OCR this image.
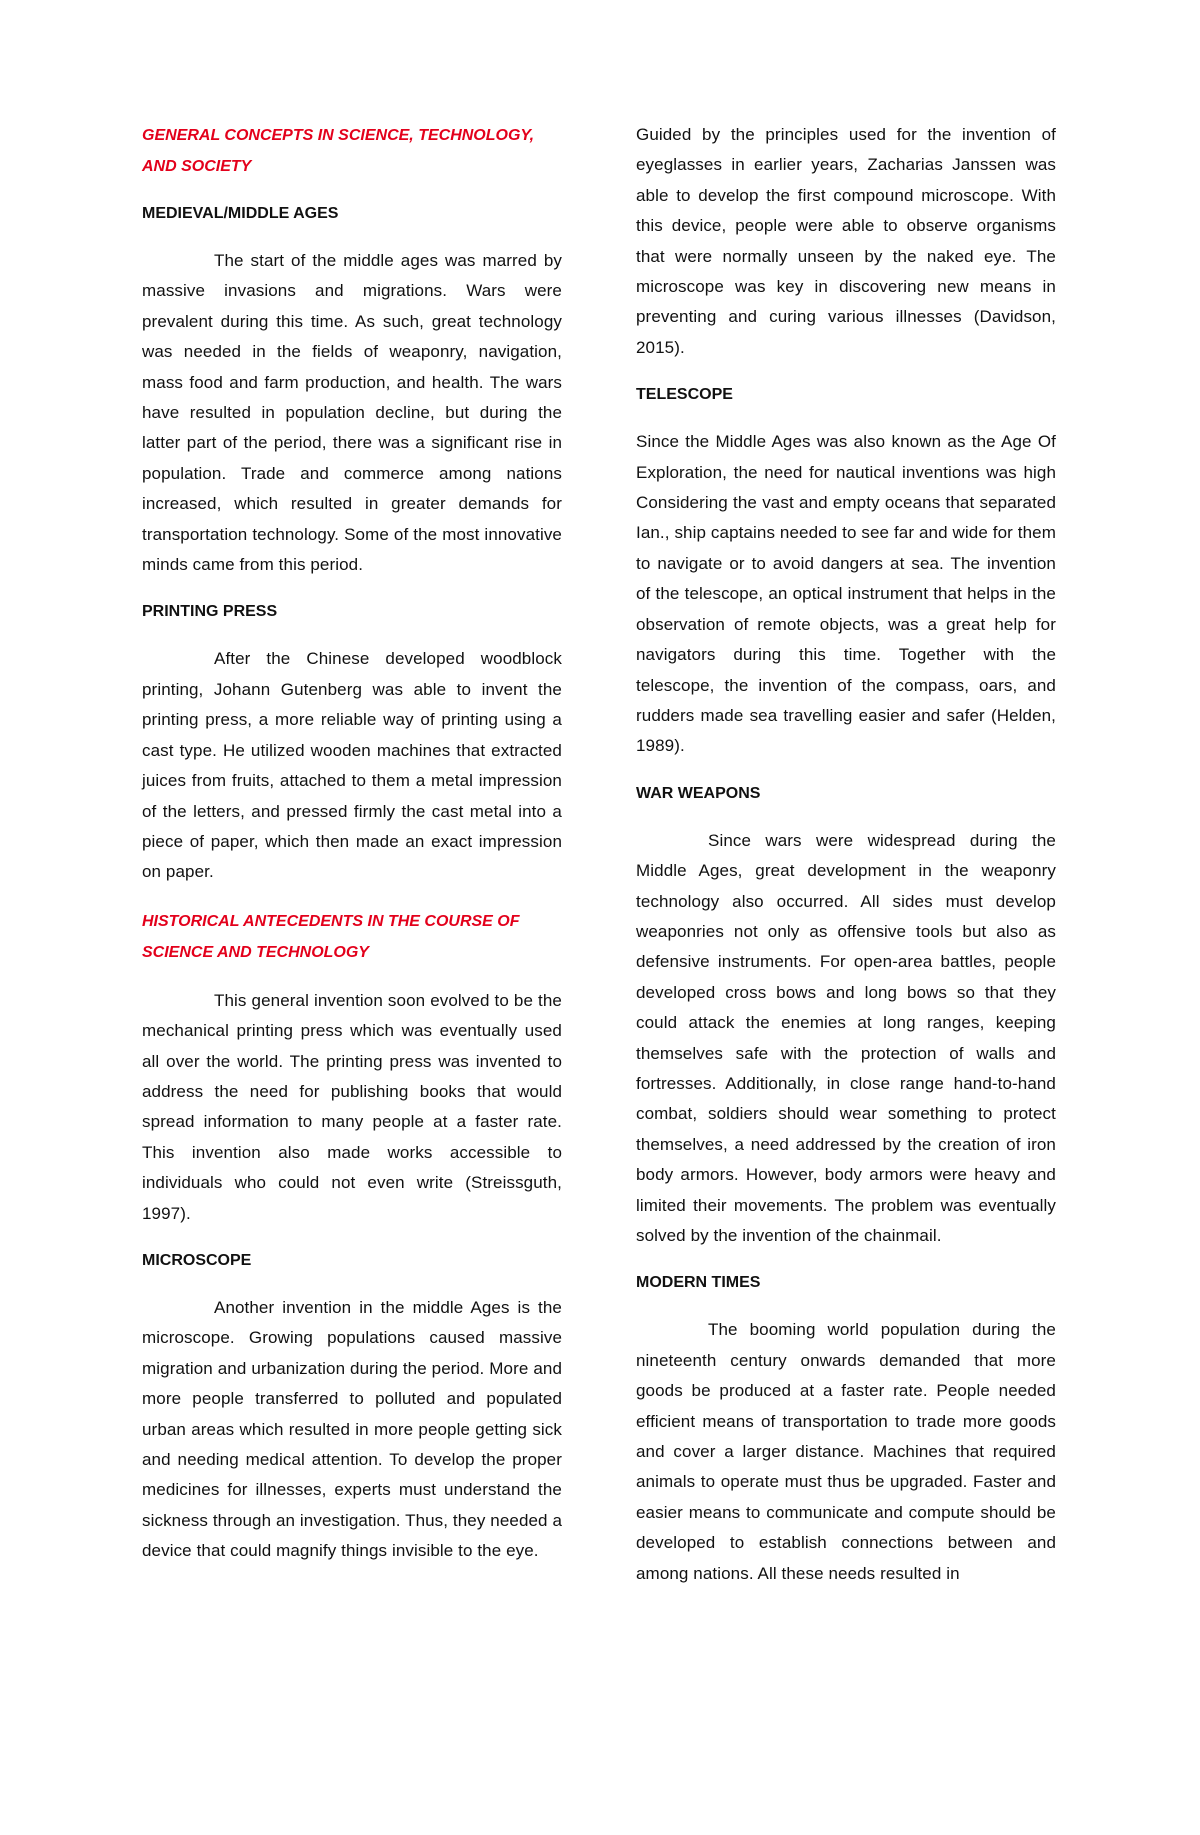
GENERAL CONCEPTS IN SCIENCE, TECHNOLOGY, AND SOCIETY
MEDIEVAL/MIDDLE AGES

The start of the middle ages was marred by massive invasions and migrations. Wars were prevalent during this time. As such, great technology was needed in the fields of weaponry, navigation, mass food and farm production, and health. The wars have resulted in population decline, but during the latter part of the period, there was a significant rise in population. Trade and commerce among nations increased, which resulted in greater demands for transportation technology. Some of the most innovative minds came from this period.

PRINTING PRESS

After the Chinese developed woodblock printing, Johann Gutenberg was able to invent the printing press, a more reliable way of printing using a cast type. He utilized wooden machines that extracted juices from fruits, attached to them a metal impression of the letters, and pressed firmly the cast metal into a piece of paper, which then made an exact impression on paper.

HISTORICAL ANTECEDENTS IN THE COURSE OF SCIENCE AND TECHNOLOGY

This general invention soon evolved to be the mechanical printing press which was eventually used all over the world. The printing press was invented to address the need for publishing books that would spread information to many people at a faster rate. This invention also made works accessible to individuals who could not even write (Streissguth, 1997).

MICROSCOPE

Another invention in the middle Ages is the microscope. Growing populations caused massive migration and urbanization during the period. More and more people transferred to polluted and populated urban areas which resulted in more people getting sick and needing medical attention. To develop the proper medicines for illnesses, experts must understand the sickness through an investigation. Thus, they needed a device that could magnify things invisible to the eye.

Guided by the principles used for the invention of eyeglasses in earlier years, Zacharias Janssen was able to develop the first compound microscope. With this device, people were able to observe organisms that were normally unseen by the naked eye. The microscope was key in discovering new means in preventing and curing various illnesses (Davidson, 2015).

TELESCOPE

Since the Middle Ages was also known as the Age Of Exploration, the need for nautical inventions was high Considering the vast and empty oceans that separated Ian., ship captains needed to see far and wide for them to navigate or to avoid dangers at sea. The invention of the telescope, an optical instrument that helps in the observation of remote objects, was a great help for navigators during this time. Together with the telescope, the invention of the compass, oars, and rudders made sea travelling easier and safer (Helden, 1989).

WAR WEAPONS

Since wars were widespread during the Middle Ages, great development in the weaponry technology also occurred. All sides must develop weaponries not only as offensive tools but also as defensive instruments. For open-area battles, people developed cross bows and long bows so that they could attack the enemies at long ranges, keeping themselves safe with the protection of walls and fortresses. Additionally, in close range hand-to-hand combat, soldiers should wear something to protect themselves, a need addressed by the creation of iron body armors. However, body armors were heavy and limited their movements. The problem was eventually solved by the invention of the chainmail.

MODERN TIMES

The booming world population during the nineteenth century onwards demanded that more goods be produced at a faster rate. People needed efficient means of transportation to trade more goods and cover a larger distance. Machines that required animals to operate must thus be upgraded. Faster and easier means to communicate and compute should be developed to establish connections between and among nations. All these needs resulted in
